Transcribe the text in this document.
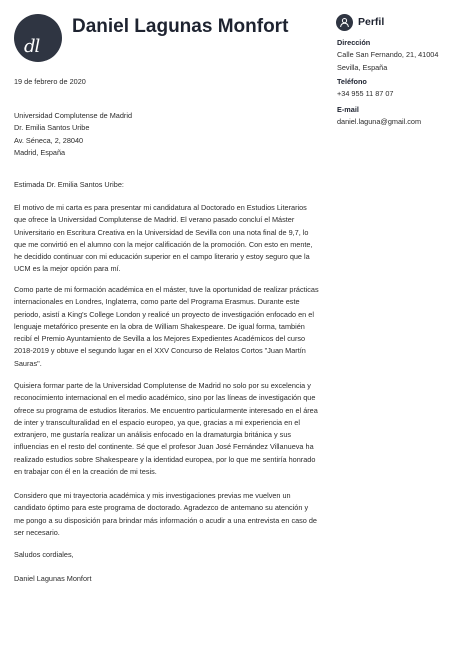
dl
Daniel Lagunas Monfort
19 de febrero de 2020
Universidad Complutense de Madrid
Dr. Emilia Santos Uribe
Av. Séneca, 2, 28040
Madrid, España
Estimada Dr. Emilia Santos Uribe:

El motivo de mi carta es para presentar mi candidatura al Doctorado en Estudios Literarios que ofrece la Universidad Complutense de Madrid. El verano pasado concluí el Máster Universitario en Escritura Creativa en la Universidad de Sevilla con una nota final de 9,7, lo que me convirtió en el alumno con la mejor calificación de la promoción. Con esto en mente, he decidido continuar con mi educación superior en el campo literario y estoy seguro que la UCM es la mejor opción para mí.

Como parte de mi formación académica en el máster, tuve la oportunidad de realizar prácticas internacionales en Londres, Inglaterra, como parte del Programa Erasmus. Durante este periodo, asistí a King's College London y realicé un proyecto de investigación enfocado en el lenguaje metafórico presente en la obra de William Shakespeare. De igual forma, también recibí el Premio Ayuntamiento de Sevilla a los Mejores Expedientes Académicos del curso 2018-2019 y obtuve el segundo lugar en el XXV Concurso de Relatos Cortos "Juan Martín Sauras".

Quisiera formar parte de la Universidad Complutense de Madrid no solo por su excelencia y reconocimiento internacional en el medio académico, sino por las líneas de investigación que ofrece su programa de estudios literarios. Me encuentro particularmente interesado en el área de inter y transculturalidad en el espacio europeo, ya que, gracias a mi experiencia en el extranjero, me gustaría realizar un análisis enfocado en la dramaturgia británica y sus influencias en el resto del continente. Sé que el profesor Juan José Fernández Villanueva ha realizado estudios sobre Shakespeare y la identidad europea, por lo que me sentiría honrado en trabajar con él en la creación de mi tesis.

Considero que mi trayectoria académica y mis investigaciones previas me vuelven un candidato óptimo para este programa de doctorado. Agradezco de antemano su atención y me pongo a su disposición para brindar más información o acudir a una entrevista en caso de ser necesario.

Saludos cordiales,
Daniel Lagunas Monfort
Perfil
Dirección
Calle San Fernando, 21, 41004
Sevilla, España
Teléfono
+34 955 11 87 07
E-mail
daniel.laguna@gmail.com
